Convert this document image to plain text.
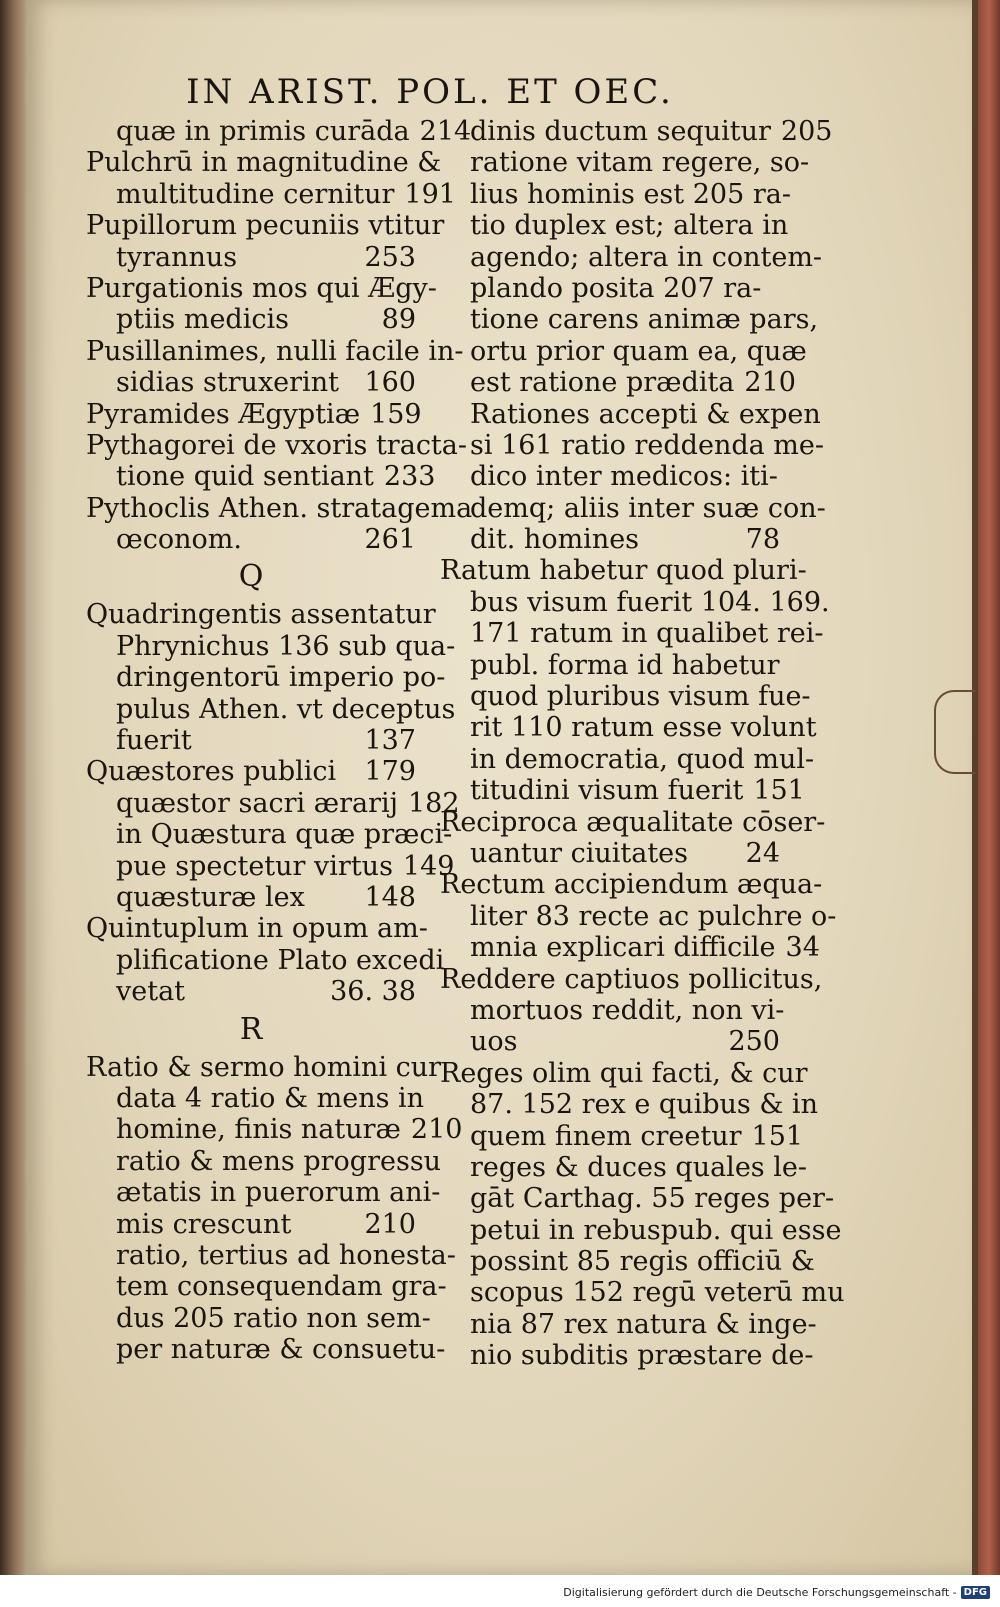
IN ARIST. POL. ET OEC.
quæ in primis curāda 214
Pulchrū in magnitudine &
multitudine cernitur 191
Pupillorum pecuniis vtitur
tyrannus	253
Purgationis mos qui Ægy-
ptiis medicis	89
Pusillanimes, nulli facile in-
sidias struxerint 160
Pyramides Ægyptiæ 159
Pythagorei de vxoris tracta-
tione quid sentiant 233
Pythoclis Athen. stratagema
œconom.	261
Q
Quadringentis assentatur
Phrynichus 136 sub qua-
dringentorū imperio po-
pulus Athen. vt deceptus
fuerit	137
Quæstores publici	179
quæstor sacri ærarij 182
in Quæstura quæ præci-
pue spectetur virtus 149
quæsturæ lex	148
Quintuplum in opum am-
plificatione Plato excedi
vetat	36. 38
R
Ratio & sermo homini cur
data 4 ratio & mens in
homine, finis naturæ 210
ratio & mens progressu
ætatis in puerorum ani-
mis crescunt	210
ratio, tertius ad honesta-
tem consequendam gra-
dus 205 ratio non sem-
per naturæ & consuetu-
dinis ductum sequitur 205
ratione vitam regere, so-
lius hominis est 205 ra-
tio duplex est; altera in
agendo; altera in contem-
plando posita 207 ra-
tione carens animæ pars,
ortu prior quam ea, quæ
est ratione prædita 210
Rationes accepti & expen
si 161 ratio reddenda me-
dico inter medicos: iti-
demq; aliis inter suæ con-
dit. homines	78
Ratum habetur quod pluri-
bus visum fuerit 104. 169.
171 ratum in qualibet rei-
publ. forma id habetur
quod pluribus visum fue-
rit 110 ratum esse volunt
in democratia, quod mul-
titudini visum fuerit 151
Reciproca æqualitate cōser-
uantur ciuitates	24
Rectum accipiendum æqua-
liter 83 recte ac pulchre o-
mnia explicari difficile 34
Reddere captiuos pollicitus,
mortuos reddit, non vi-
uos	250
Reges olim qui facti, & cur
87. 152 rex e quibus & in
quem finem creetur 151
reges & duces quales le-
gāt Carthag. 55 reges per-
petui in rebuspub. qui esse
possint 85 regis officiū &
scopus 152 regū veterū mu
nia 87 rex natura & inge-
nio subditis præstare de-
Digitalisierung gefördert durch die Deutsche Forschungsgemeinschaft - DFG
